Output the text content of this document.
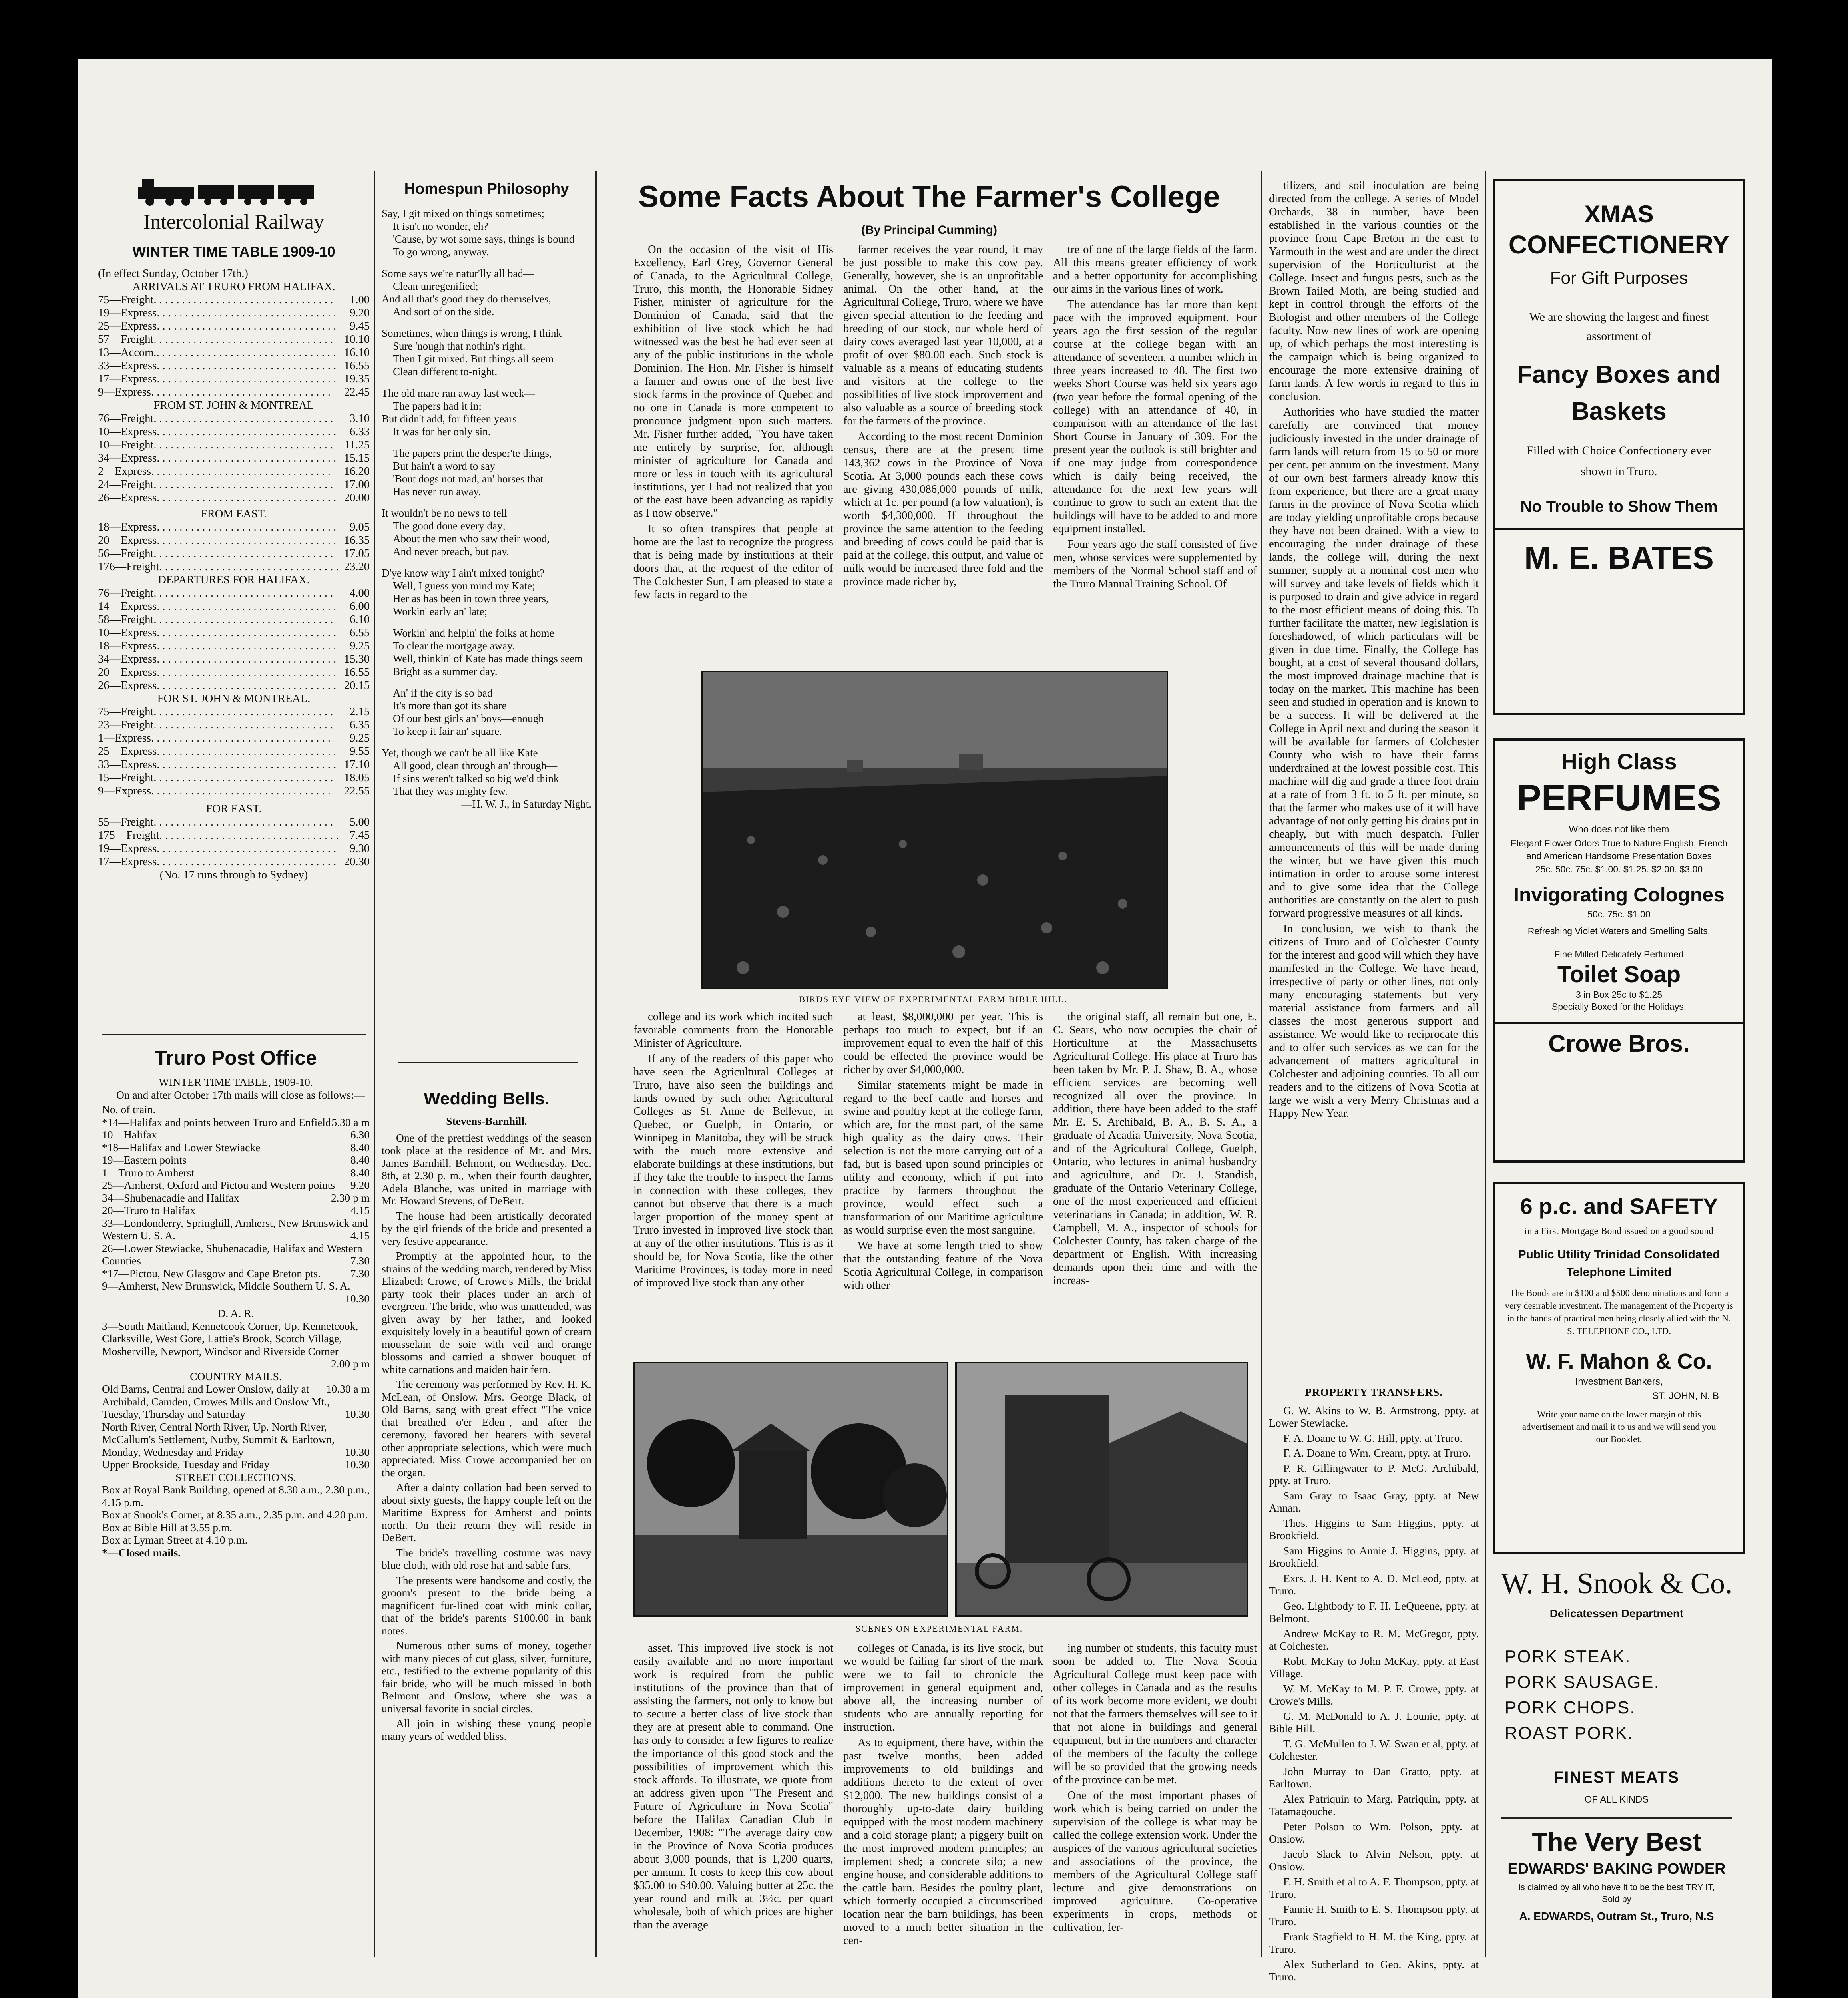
Intercolonial Railway
WINTER TIME TABLE 1909-10
(In effect Sunday, October 17th.)
ARRIVALS AT TRURO FROM HALIFAX.
75—Freight . . . . . . . . . . . . . . . . . . . . . . . . . . . . . . . .	1.00
19—Express . . . . . . . . . . . . . . . . . . . . . . . . . . . . . . . .	9.20
25—Express . . . . . . . . . . . . . . . . . . . . . . . . . . . . . . . .	9.45
57—Freight . . . . . . . . . . . . . . . . . . . . . . . . . . . . . . . . 10.10
13—Accom. . . . . . . . . . . . . . . . . . . . . . . . . . . . . . . . . 16.10
33—Express . . . . . . . . . . . . . . . . . . . . . . . . . . . . . . . . 16.55
17—Express . . . . . . . . . . . . . . . . . . . . . . . . . . . . . . . . 19.35
9—Express . . . . . . . . . . . . . . . . . . . . . . . . . . . . . . . .	22.45
FROM ST. JOHN & MONTREAL
76—Freight . . . . . . . . . . . . . . . . . . . . . . . . . . . . . . . .	3.10
10—Express . . . . . . . . . . . . . . . . . . . . . . . . . . . . . . . .	6.33
10—Freight . . . . . . . . . . . . . . . . . . . . . . . . . . . . . . . .	11.25
34—Express . . . . . . . . . . . . . . . . . . . . . . . . . . . . . . . . 15.15
2—Express . . . . . . . . . . . . . . . . . . . . . . . . . . . . . . . .	16.20
24—Freight . . . . . . . . . . . . . . . . . . . . . . . . . . . . . . . . 17.00
26—Express . . . . . . . . . . . . . . . . . . . . . . . . . . . . . . . . 20.00
FROM EAST.
18—Express . . . . . . . . . . . . . . . . . . . . . . . . . . . . . . . .	9.05
20—Express . . . . . . . . . . . . . . . . . . . . . . . . . . . . . . . . 16.35
56—Freight . . . . . . . . . . . . . . . . . . . . . . . . . . . . . . . . 17.05
176—Freight . . . . . . . . . . . . . . . . . . . . . . . . . . . . . . . . 23.20
DEPARTURES FOR HALIFAX.
76—Freight . . . . . . . . . . . . . . . . . . . . . . . . . . . . . . . .	4.00
14—Express . . . . . . . . . . . . . . . . . . . . . . . . . . . . . . . .	6.00
58—Freight . . . . . . . . . . . . . . . . . . . . . . . . . . . . . . . .	6.10
10—Express . . . . . . . . . . . . . . . . . . . . . . . . . . . . . . . .	6.55
18—Express . . . . . . . . . . . . . . . . . . . . . . . . . . . . . . . .	9.25
34—Express . . . . . . . . . . . . . . . . . . . . . . . . . . . . . . . . 15.30
20—Express . . . . . . . . . . . . . . . . . . . . . . . . . . . . . . . . 16.55
26—Express . . . . . . . . . . . . . . . . . . . . . . . . . . . . . . . . 20.15
FOR ST. JOHN & MONTREAL.
75—Freight . . . . . . . . . . . . . . . . . . . . . . . . . . . . . . . .	2.15
23—Freight . . . . . . . . . . . . . . . . . . . . . . . . . . . . . . . .	6.35
1—Express . . . . . . . . . . . . . . . . . . . . . . . . . . . . . . . .	9.25
25—Express . . . . . . . . . . . . . . . . . . . . . . . . . . . . . . . .	9.55
33—Express . . . . . . . . . . . . . . . . . . . . . . . . . . . . . . . . 17.10
15—Freight . . . . . . . . . . . . . . . . . . . . . . . . . . . . . . . . 18.05
9—Express . . . . . . . . . . . . . . . . . . . . . . . . . . . . . . . .	22.55
FOR EAST.
55—Freight . . . . . . . . . . . . . . . . . . . . . . . . . . . . . . . .	5.00
175—Freight . . . . . . . . . . . . . . . . . . . . . . . . . . . . . . . . 7.45
19—Express . . . . . . . . . . . . . . . . . . . . . . . . . . . . . . . .	9.30
17—Express . . . . . . . . . . . . . . . . . . . . . . . . . . . . . . . . 20.30
(No. 17 runs through to Sydney)
Truro Post Office
WINTER TIME TABLE, 1909-10.

On and after October 17th mails will close as follows:—

No. of train.
*14—Halifax and points between Truro and Enfield 5.30 a m
10—Halifax	6.30
*18—Halifax and Lower Stewiacke	8.40
19—Eastern points	8.40
1—Truro to Amherst	8.40
25—Amherst, Oxford and Pictou and Western points 9.20
34—Shubenacadie and Halifax	2.30 p m
20—Truro to Halifax	4.15
33—Londonderry, Springhill, Amherst, New Brunswick and Western U. S. A.	4.15
26—Lower Stewiacke, Shubenacadie, Halifax and Western Counties	7.30
*17—Pictou, New Glasgow and Cape Breton pts.	7.30
9—Amherst, New Brunswick, Middle Southern U. S. A.
10.30
D. A. R.
3—South Maitland, Kennetcook Corner, Up. Kennetcook, Clarksville, West Gore, Lattie's Brook, Scotch Village, Mosherville, Newport, Windsor and Riverside Corner
2.00 p m
COUNTRY MAILS.
Old Barns, Central and Lower Onslow, daily at 10.30 a m
Archibald, Camden, Crowes Mills and Onslow Mt., Tuesday, Thursday and Saturday	10.30
North River, Central North River, Up. North River, McCallum's Settlement, Nutby, Summit & Earltown, Monday, Wednesday and Friday	10.30
Upper Brookside, Tuesday and Friday	10.30
STREET COLLECTIONS.
Box at Royal Bank Building, opened at 8.30 a.m., 2.30 p.m., 4.15 p.m.
Box at Snook's Corner, at 8.35 a.m., 2.35 p.m. and 4.20 p.m.
Box at Bible Hill at 3.55 p.m.
Box at Lyman Street at 4.10 p.m.
*—Closed mails.
Homespun Philosophy
Say, I git mixed on things sometimes;
It isn't no wonder, eh?
'Cause, by wot some says, things is bound
To go wrong, anyway.
Some says we're natur'lly all bad—
Clean unregenified;
And all that's good they do themselves,
And sort of on the side.
Sometimes, when things is wrong, I think
Sure 'nough that nothin's right.
Then I git mixed. But things all seem
Clean different to-night.
The old mare ran away last week—
The papers had it in;
But didn't add, for fifteen years
It was for her only sin.
The papers print the desper'te things,
But hain't a word to say
'Bout dogs not mad, an' horses that
Has never run away.
It wouldn't be no news to tell
The good done every day;
About the men who saw their wood,
And never preach, but pay.
D'ye know why I ain't mixed tonight?
Well, I guess you mind my Kate;
Her as has been in town three years,
Workin' early an' late;
Workin' and helpin' the folks at home
To clear the mortgage away.
Well, thinkin' of Kate has made things seem
Bright as a summer day.
An' if the city is so bad
It's more than got its share
Of our best girls an' boys—enough
To keep it fair an' square.
Yet, though we can't be all like Kate—
All good, clean through an' through—
If sins weren't talked so big we'd think
That they was mighty few.
—H. W. J., in Saturday Night.
Wedding Bells.
Stevens-Barnhill.

One of the prettiest weddings of the season took place at the residence of Mr. and Mrs. James Barnhill, Belmont, on Wednesday, Dec. 8th, at 2.30 p. m., when their fourth daughter, Adela Blanche, was united in marriage with Mr. Howard Stevens, of DeBert.

The house had been artistically decorated by the girl friends of the bride and presented a very festive appearance.

Promptly at the appointed hour, to the strains of the wedding march, rendered by Miss Elizabeth Crowe, of Crowe's Mills, the bridal party took their places under an arch of evergreen. The bride, who was unattended, was given away by her father, and looked exquisitely lovely in a beautiful gown of cream mousselain de soie with veil and orange blossoms and carried a shower bouquet of white carnations and maiden hair fern.

The ceremony was performed by Rev. H. K. McLean, of Onslow. Mrs. George Black, of Old Barns, sang with great effect "The voice that breathed o'er Eden", and after the ceremony, favored her hearers with several other appropriate selections, which were much appreciated. Miss Crowe accompanied her on the organ.

After a dainty collation had been served to about sixty guests, the happy couple left on the Maritime Express for Amherst and points north. On their return they will reside in DeBert.

The bride's travelling costume was navy blue cloth, with old rose hat and sable furs.

The presents were handsome and costly, the groom's present to the bride being a magnificent fur-lined coat with mink collar, that of the bride's parents $100.00 in bank notes.

Numerous other sums of money, together with many pieces of cut glass, silver, furniture, etc., testified to the extreme popularity of this fair bride, who will be much missed in both Belmont and Onslow, where she was a universal favorite in social circles.

All join in wishing these young people many years of wedded bliss.

Some Facts About The Farmer's College
(By Principal Cumming)

On the occasion of the visit of His Excellency, Earl Grey, Governor General of Canada, to the Agricultural College, Truro, this month, the Honorable Sidney Fisher, minister of agriculture for the Dominion of Canada, said that the exhibition of live stock which he had witnessed was the best he had ever seen at any of the public institutions in the whole Dominion. The Hon. Mr. Fisher is himself a farmer and owns one of the best live stock farms in the province of Quebec and no one in Canada is more competent to pronounce judgment upon such matters. Mr. Fisher further added, "You have taken me entirely by surprise, for, although minister of agriculture for Canada and more or less in touch with its agricultural institutions, yet I had not realized that you of the east have been advancing as rapidly as I now observe."

It so often transpires that people at home are the last to recognize the progress that is being made by institutions at their doors that, at the request of the editor of The Colchester Sun, I am pleased to state a few facts in regard to the

farmer receives the year round, it may be just possible to make this cow pay. Generally, however, she is an unprofitable animal. On the other hand, at the Agricultural College, Truro, where we have given special attention to the feeding and breeding of our stock, our whole herd of dairy cows averaged last year 10,000, at a profit of over $80.00 each. Such stock is valuable as a means of educating students and visitors at the college to the possibilities of live stock improvement and also valuable as a source of breeding stock for the farmers of the province.

According to the most recent Dominion census, there are at the present time 143,362 cows in the Province of Nova Scotia. At 3,000 pounds each these cows are giving 430,086,000 pounds of milk, which at 1c. per pound (a low valuation), is worth $4,300,000. If throughout the province the same attention to the feeding and breeding of cows could be paid that is paid at the college, this output, and value of milk would be increased three fold and the province made richer by,

tre of one of the large fields of the farm. All this means greater efficiency of work and a better opportunity for accomplishing our aims in the various lines of work.

The attendance has far more than kept pace with the improved equipment. Four years ago the first session of the regular course at the college began with an attendance of seventeen, a number which in three years increased to 48. The first two weeks Short Course was held six years ago (two year before the formal opening of the college) with an attendance of 40, in comparison with an attendance of the last Short Course in January of 309. For the present year the outlook is still brighter and if one may judge from correspondence which is daily being received, the attendance for the next few years will continue to grow to such an extent that the buildings will have to be added to and more equipment installed.

Four years ago the staff consisted of five men, whose services were supplemented by members of the Normal School staff and of the Truro Manual Training School. Of

BIRDS EYE VIEW OF EXPERIMENTAL FARM BIBLE HILL.

college and its work which incited such favorable comments from the Honorable Minister of Agriculture.

If any of the readers of this paper who have seen the Agricultural Colleges at Truro, have also seen the buildings and lands owned by such other Agricultural Colleges as St. Anne de Bellevue, in Quebec, or Guelph, in Ontario, or Winnipeg in Manitoba, they will be struck with the much more extensive and elaborate buildings at these institutions, but if they take the trouble to inspect the farms in connection with these colleges, they cannot but observe that there is a much larger proportion of the money spent at Truro invested in improved live stock than at any of the other institutions. This is as it should be, for Nova Scotia, like the other Maritime Provinces, is today more in need of improved live stock than any other

at least, $8,000,000 per year. This is perhaps too much to expect, but if an improvement equal to even the half of this could be effected the province would be richer by over $4,000,000.

Similar statements might be made in regard to the beef cattle and horses and swine and poultry kept at the college farm, which are, for the most part, of the same high quality as the dairy cows. Their selection is not the more carrying out of a fad, but is based upon sound principles of utility and economy, which if put into practice by farmers throughout the province, would effect such a transformation of our Maritime agriculture as would surprise even the most sanguine.

We have at some length tried to show that the outstanding feature of the Nova Scotia Agricultural College, in comparison with other

the original staff, all remain but one, E. C. Sears, who now occupies the chair of Horticulture at the Massachusetts Agricultural College. His place at Truro has been taken by Mr. P. J. Shaw, B. A., whose efficient services are becoming well recognized all over the province. In addition, there have been added to the staff Mr. E. S. Archibald, B. A., B. S. A., a graduate of Acadia University, Nova Scotia, and of the Agricultural College, Guelph, Ontario, who lectures in animal husbandry and agriculture, and Dr. J. Standish, graduate of the Ontario Veterinary College, one of the most experienced and efficient veterinarians in Canada; in addition, W. R. Campbell, M. A., inspector of schools for Colchester County, has taken charge of the department of English. With increasing demands upon their time and with the increas-

SCENES ON EXPERIMENTAL FARM.

asset. This improved live stock is not easily available and no more important work is required from the public institutions of the province than that of assisting the farmers, not only to know but to secure a better class of live stock than they are at present able to command. One has only to consider a few figures to realize the importance of this good stock and the possibilities of improvement which this stock affords. To illustrate, we quote from an address given upon "The Present and Future of Agriculture in Nova Scotia" before the Halifax Canadian Club in December, 1908: "The average dairy cow in the Province of Nova Scotia produces about 3,000 pounds, that is 1,200 quarts, per annum. It costs to keep this cow about $35.00 to $40.00. Valuing butter at 25c. the year round and milk at 3½c. per quart wholesale, both of which prices are higher than the average

colleges of Canada, is its live stock, but we would be failing far short of the mark were we to fail to chronicle the improvement in general equipment and, above all, the increasing number of students who are annually reporting for instruction.

As to equipment, there have, within the past twelve months, been added improvements to old buildings and additions thereto to the extent of over $12,000. The new buildings consist of a thoroughly up-to-date dairy building equipped with the most modern machinery and a cold storage plant; a piggery built on the most improved modern principles; an implement shed; a concrete silo; a new engine house, and considerable additions to the cattle barn. Besides the poultry plant, which formerly occupied a circumscribed location near the barn buildings, has been moved to a much better situation in the cen-

ing number of students, this faculty must soon be added to. The Nova Scotia Agricultural College must keep pace with other colleges in Canada and as the results of its work become more evident, we doubt not that the farmers themselves will see to it that not alone in buildings and general equipment, but in the numbers and character of the members of the faculty the college will be so provided that the growing needs of the province can be met.

One of the most important phases of work which is being carried on under the supervision of the college is what may be called the college extension work. Under the auspices of the various agricultural societies and associations of the province, the members of the Agricultural College staff lecture and give demonstrations on improved agriculture. Co-operative experiments in crops, methods of cultivation, fer-

tilizers, and soil inoculation are being directed from the college. A series of Model Orchards, 38 in number, have been established in the various counties of the province from Cape Breton in the east to Yarmouth in the west and are under the direct supervision of the Horticulturist at the College. Insect and fungus pests, such as the Brown Tailed Moth, are being studied and kept in control through the efforts of the Biologist and other members of the College faculty. Now new lines of work are opening up, of which perhaps the most interesting is the campaign which is being organized to encourage the more extensive draining of farm lands. A few words in regard to this in conclusion.

Authorities who have studied the matter carefully are convinced that money judiciously invested in the under drainage of farm lands will return from 15 to 50 or more per cent. per annum on the investment. Many of our own best farmers already know this from experience, but there are a great many farms in the province of Nova Scotia which are today yielding unprofitable crops because they have not been drained. With a view to encouraging the under drainage of these lands, the college will, during the next summer, supply at a nominal cost men who will survey and take levels of fields which it is purposed to drain and give advice in regard to the most efficient means of doing this. To further facilitate the matter, new legislation is foreshadowed, of which particulars will be given in due time. Finally, the College has bought, at a cost of several thousand dollars, the most improved drainage machine that is today on the market. This machine has been seen and studied in operation and is known to be a success. It will be delivered at the College in April next and during the season it will be available for farmers of Colchester County who wish to have their farms underdrained at the lowest possible cost. This machine will dig and grade a three foot drain at a rate of from 3 ft. to 5 ft. per minute, so that the farmer who makes use of it will have advantage of not only getting his drains put in cheaply, but with much despatch. Fuller announcements of this will be made during the winter, but we have given this much intimation in order to arouse some interest and to give some idea that the College authorities are constantly on the alert to push forward progressive measures of all kinds.

In conclusion, we wish to thank the citizens of Truro and of Colchester County for the interest and good will which they have manifested in the College. We have heard, irrespective of party or other lines, not only many encouraging statements but very material assistance from farmers and all classes the most generous support and assistance. We would like to reciprocate this and to offer such services as we can for the advancement of matters agricultural in Colchester and adjoining counties. To all our readers and to the citizens of Nova Scotia at large we wish a very Merry Christmas and a Happy New Year.

PROPERTY TRANSFERS.

G. W. Akins to W. B. Armstrong, ppty. at Lower Stewiacke.

F. A. Doane to W. G. Hill, ppty. at Truro.

F. A. Doane to Wm. Cream, ppty. at Truro.

P. R. Gillingwater to P. McG. Archibald, ppty. at Truro.

Sam Gray to Isaac Gray, ppty. at New Annan.

Thos. Higgins to Sam Higgins, ppty. at Brookfield.

Sam Higgins to Annie J. Higgins, ppty. at Brookfield.

Exrs. J. H. Kent to A. D. McLeod, ppty. at Truro.

Geo. Lightbody to F. H. LeQueene, ppty. at Belmont.

Andrew McKay to R. M. McGregor, ppty. at Colchester.

Robt. McKay to John McKay, ppty. at East Village.

W. M. McKay to M. P. F. Crowe, ppty. at Crowe's Mills.

G. M. McDonald to A. J. Lounie, ppty. at Bible Hill.

T. G. McMullen to J. W. Swan et al, ppty. at Colchester.

John Murray to Dan Gratto, ppty. at Earltown.

Alex Patriquin to Marg. Patriquin, ppty. at Tatamagouche.

Peter Polson to Wm. Polson, ppty. at Onslow.

Jacob Slack to Alvin Nelson, ppty. at Onslow.

F. H. Smith et al to A. F. Thompson, ppty. at Truro.

Fannie H. Smith to E. S. Thompson ppty. at Truro.

Frank Stagfield to H. M. the King, ppty. at Truro.

Alex Sutherland to Geo. Akins, ppty. at Truro.

XMAS
CONFECTIONERY
For Gift Purposes
We are showing the largest and finest assortment of
Fancy Boxes and Baskets
Filled with Choice Confectionery ever shown in Truro.
No Trouble to Show Them
M. E. BATES
High Class
PERFUMES
Who does not like them
Elegant Flower Odors True to Nature English, French and American Handsome Presentation Boxes
25c. 50c. 75c. $1.00. $1.25. $2.00. $3.00
Invigorating Colognes
50c. 75c. $1.00
Refreshing Violet Waters and Smelling Salts.
Fine Milled Delicately Perfumed
Toilet Soap
3 in Box 25c to $1.25
Specially Boxed for the Holidays.
Crowe Bros.
6 p.c. and SAFETY
in a First Mortgage Bond issued on a good sound
Public Utility Trinidad Consolidated Telephone Limited
The Bonds are in $100 and $500 denominations and form a very desirable investment. The management of the Property is in the hands of practical men being closely allied with the N. S. TELEPHONE CO., LTD.
W. F. Mahon & Co.
Investment Bankers,
ST. JOHN, N. B
Write your name on the lower margin of this advertisement and mail it to us and we will send you our Booklet.
W. H. Snook & Co.
Delicatessen Department
PORK STEAK.
PORK SAUSAGE.
PORK CHOPS.
ROAST PORK.
FINEST MEATS
OF ALL KINDS
The Very Best
EDWARDS' BAKING POWDER
is claimed by all who have it to be the best TRY IT, Sold by
A. EDWARDS, Outram St., Truro, N.S
